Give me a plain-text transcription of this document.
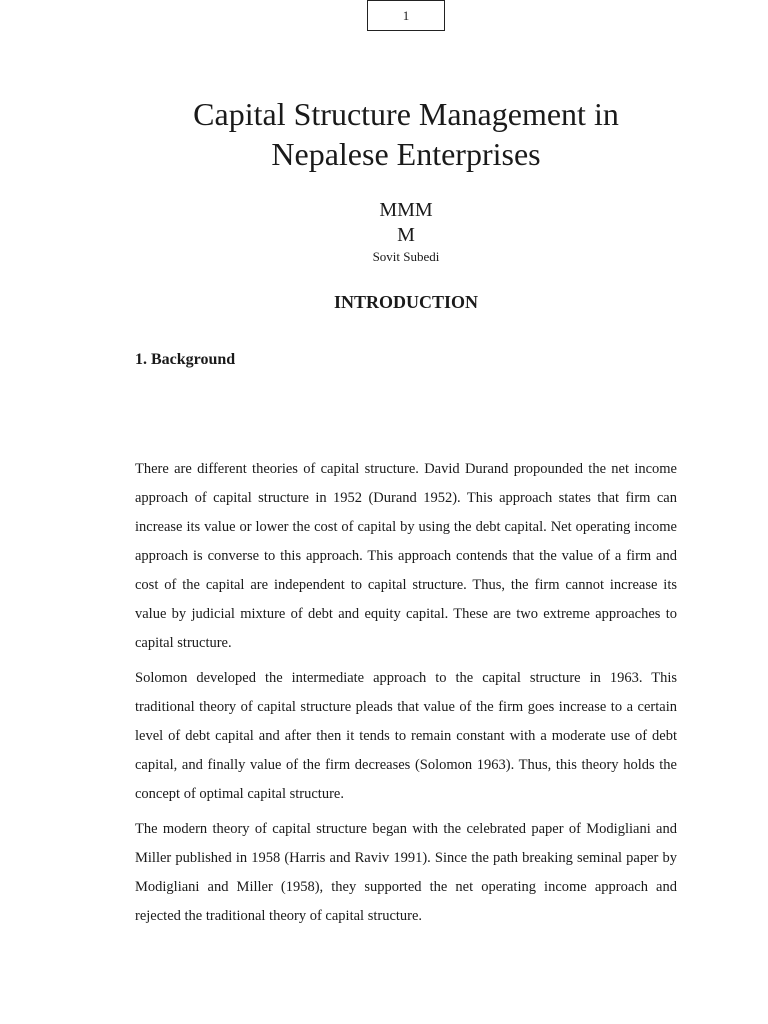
1
Capital Structure Management in
Nepalese Enterprises
MMM
M
Sovit Subedi
INTRODUCTION
1. Background

There are different theories of capital structure. David Durand propounded the net income approach of capital structure in 1952 (Durand 1952). This approach states that firm can increase its value or lower the cost of capital by using the debt capital. Net operating income approach is converse to this approach. This approach contends that the value of a firm and cost of the capital are independent to capital structure. Thus, the firm cannot increase its value by judicial mixture of debt and equity capital. These are two extreme approaches to capital structure.

Solomon developed the intermediate approach to the capital structure in 1963. This traditional theory of capital structure pleads that value of the firm goes increase to a certain level of debt capital and after then it tends to remain constant with a moderate use of debt capital, and finally value of the firm decreases (Solomon 1963). Thus, this theory holds the concept of optimal capital structure.

The modern theory of capital structure began with the celebrated paper of Modigliani and Miller published in 1958 (Harris and Raviv 1991). Since the path breaking seminal paper by Modigliani and Miller (1958), they supported the net operating income approach and rejected the traditional theory of capital structure.
